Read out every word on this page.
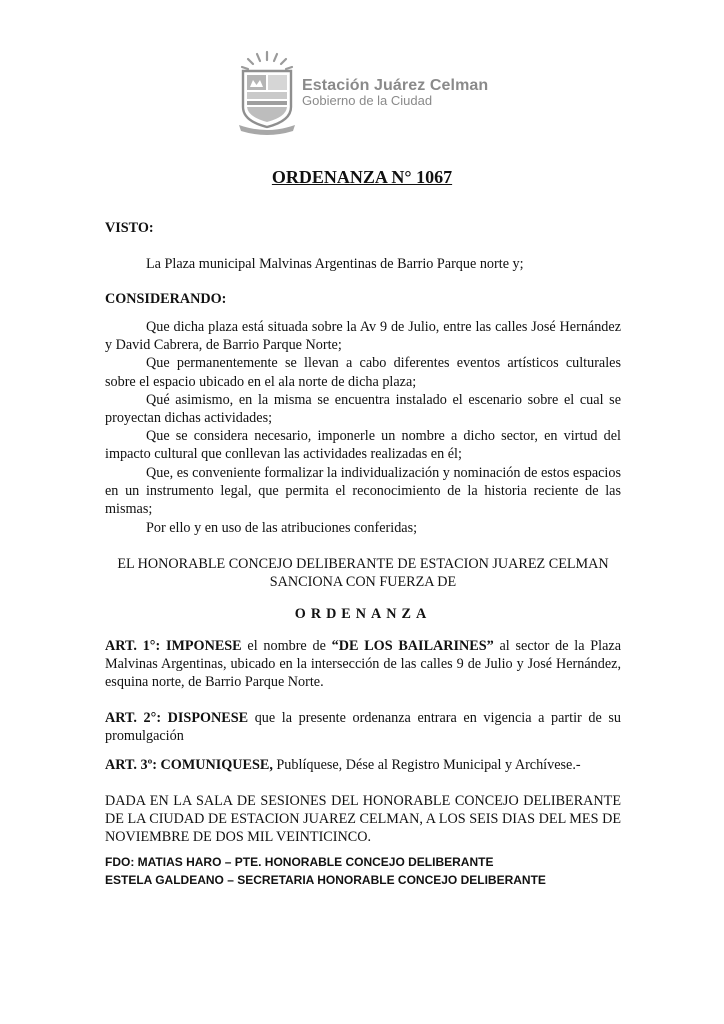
Estación Juárez Celman
Gobierno de la Ciudad
ORDENANZA N° 1067
VISTO:
La Plaza municipal Malvinas Argentinas de Barrio Parque norte y;
CONSIDERANDO:
Que dicha plaza está situada sobre la Av 9 de Julio, entre las calles José Hernández y David Cabrera, de Barrio Parque Norte;
Que permanentemente se llevan a cabo diferentes eventos artísticos culturales sobre el espacio ubicado en el ala norte de dicha plaza;
Qué asimismo, en la misma se encuentra instalado el escenario sobre el cual se proyectan dichas actividades;
Que se considera necesario, imponerle un nombre a dicho sector, en virtud del impacto cultural que conllevan las actividades realizadas en él;
Que, es conveniente formalizar la individualización y nominación de estos espacios en un instrumento legal, que permita el reconocimiento de la historia reciente de las mismas;
Por ello y en uso de las atribuciones conferidas;
EL HONORABLE CONCEJO DELIBERANTE DE ESTACION JUAREZ CELMAN
SANCIONA CON FUERZA DE
ORDENANZA
ART. 1°: IMPONESE el nombre de “DE LOS BAILARINES” al sector de la Plaza Malvinas Argentinas, ubicado en la intersección de las calles 9 de Julio y José Hernández, esquina norte, de Barrio Parque Norte.
ART. 2°: DISPONESE que la presente ordenanza entrara en vigencia a partir de su promulgación
ART. 3º: COMUNIQUESE, Publíquese, Dése al Registro Municipal y Archívese.-
DADA EN LA SALA DE SESIONES DEL HONORABLE CONCEJO DELIBERANTE DE LA CIUDAD DE ESTACION JUAREZ CELMAN, A LOS SEIS DIAS DEL MES DE NOVIEMBRE DE DOS MIL VEINTICINCO.
FDO: MATIAS HARO – PTE. HONORABLE CONCEJO DELIBERANTE
ESTELA GALDEANO – SECRETARIA HONORABLE CONCEJO DELIBERANTE
